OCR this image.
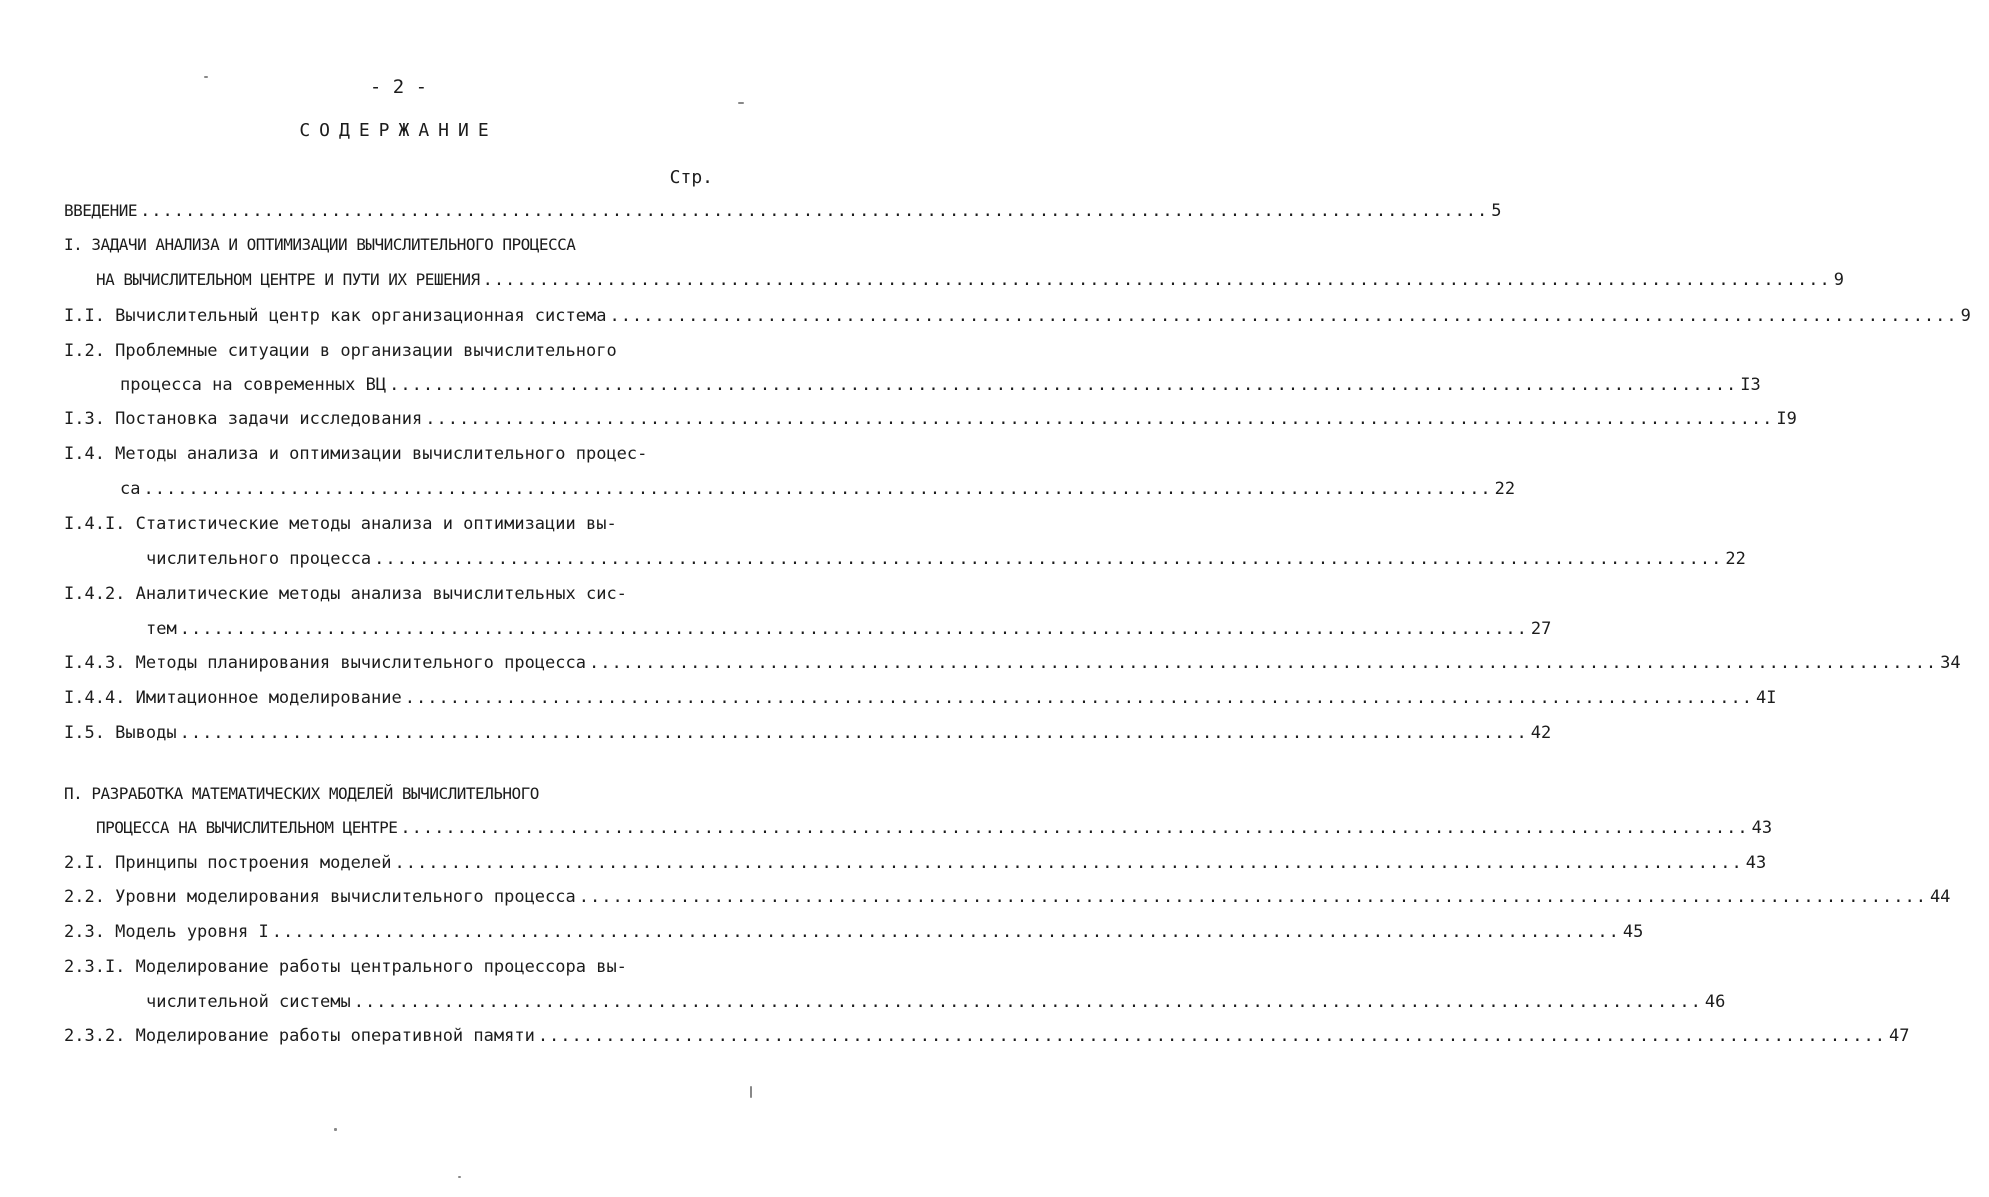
- 2 -
СОДЕРЖАНИЕ
Стр.
ВВЕДЕНИЕ ........................................................................................................................ 5
I. ЗАДАЧИ АНАЛИЗА И ОПТИМИЗАЦИИ ВЫЧИСЛИТЕЛЬНОГО ПРОЦЕССА
НА ВЫЧИСЛИТЕЛЬНОМ ЦЕНТРЕ И ПУТИ ИХ РЕШЕНИЯ ........................................................................................................................ 9
I.I. Вычислительный центр как организационная система ........................................................................................................................ 9
I.2. Проблемные ситуации в организации вычислительного
процесса на современных ВЦ ........................................................................................................................ I3
I.3. Постановка задачи исследования ........................................................................................................................ I9
I.4. Методы анализа и оптимизации вычислительного процес-
са ........................................................................................................................ 22
I.4.I. Статистические методы анализа и оптимизации вы-
числительного процесса ........................................................................................................................ 22
I.4.2. Аналитические методы анализа вычислительных сис-
тем ........................................................................................................................ 27
I.4.3. Методы планирования вычислительного процесса ........................................................................................................................ 34
I.4.4. Имитационное моделирование ........................................................................................................................ 4I
I.5. Выводы ........................................................................................................................ 42
П. РАЗРАБОТКА МАТЕМАТИЧЕСКИХ МОДЕЛЕЙ ВЫЧИСЛИТЕЛЬНОГО
ПРОЦЕССА НА ВЫЧИСЛИТЕЛЬНОМ ЦЕНТРЕ ........................................................................................................................ 43
2.I. Принципы построения моделей ........................................................................................................................ 43
2.2. Уровни моделирования вычислительного процесса ........................................................................................................................ 44
2.3. Модель уровня I ........................................................................................................................ 45
2.3.I. Моделирование работы центрального процессора вы-
числительной системы ........................................................................................................................ 46
2.3.2. Моделирование работы оперативной памяти ........................................................................................................................ 47
